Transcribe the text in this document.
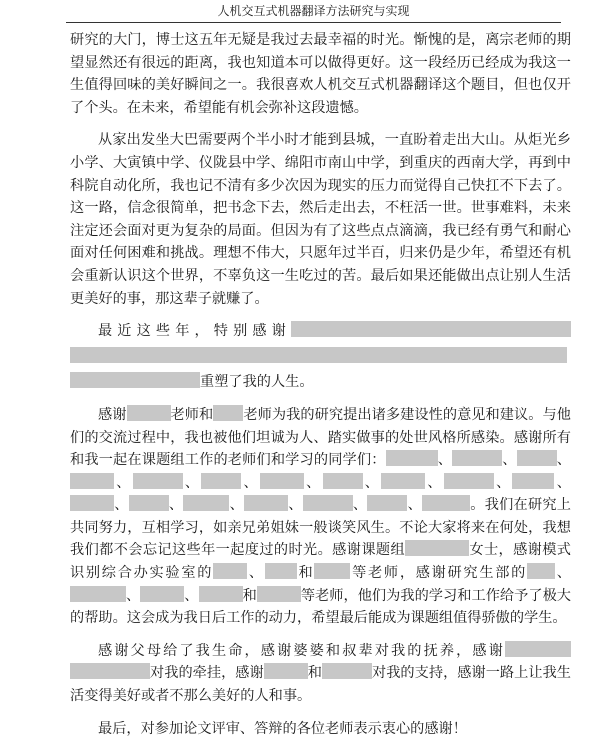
人机交互式机器翻译方法研究与实现

研究的大门，博士这五年无疑是我过去最幸福的时光。惭愧的是，离宗老师的期望显然还有很远的距离，我也知道本可以做得更好。这一段经历已经成为我这一生值得回味的美好瞬间之一。我很喜欢人机交互式机器翻译这个题目，但也仅开了个头。在未来，希望能有机会弥补这段遗憾。

从家出发坐大巴需要两个半小时才能到县城，一直盼着走出大山。从炬光乡小学、大寅镇中学、仪陇县中学、绵阳市南山中学，到重庆的西南大学，再到中科院自动化所，我也记不清有多少次因为现实的压力而觉得自己快扛不下去了。这一路，信念很简单，把书念下去，然后走出去，不枉活一世。世事难料，未来注定还会面对更为复杂的局面。但因为有了这些点点滴滴，我已经有勇气和耐心面对任何困难和挑战。理想不伟大，只愿年过半百，归来仍是少年，希望还有机会重新认识这个世界，不辜负这一生吃过的苦。最后如果还能做出点让别人生活更美好的事，那这辈子就赚了。

最近这些年，特别感谢重塑了我的人生。

感谢	老师和 老师为我的研究提出诸多建设性的意见和建议。与他们的交流过程中，我也被他们坦诚为人、踏实做事的处世风格所感染。感谢所有和我一起在课题组工作的老师们和学习的同学们：	、	、	、、	、	、	、	、	、	、	、、	、	、	、	、	、	。我们在研究上共同努力，互相学习，如亲兄弟姐妹一般谈笑风生。不论大家将来在何处，我想我们都不会忘记这些年一起度过的时光。感谢课题组	女士，感谢模式识别综合办实验室的 、 和	等老师，感谢研究生部的 、、	、	和	等老师，他们为我的学习和工作给予了极大的帮助。这会成为我日后工作的动力，希望最后能成为课题组值得骄傲的学生。

感谢父母给了我生命，感谢婆婆和叔辈对我的抚养，感谢对我的牵挂，感谢	和	对我的支持，感谢一路上让我生活变得美好或者不那么美好的人和事。

最后，对参加论文评审、答辩的各位老师表示衷心的感谢！
